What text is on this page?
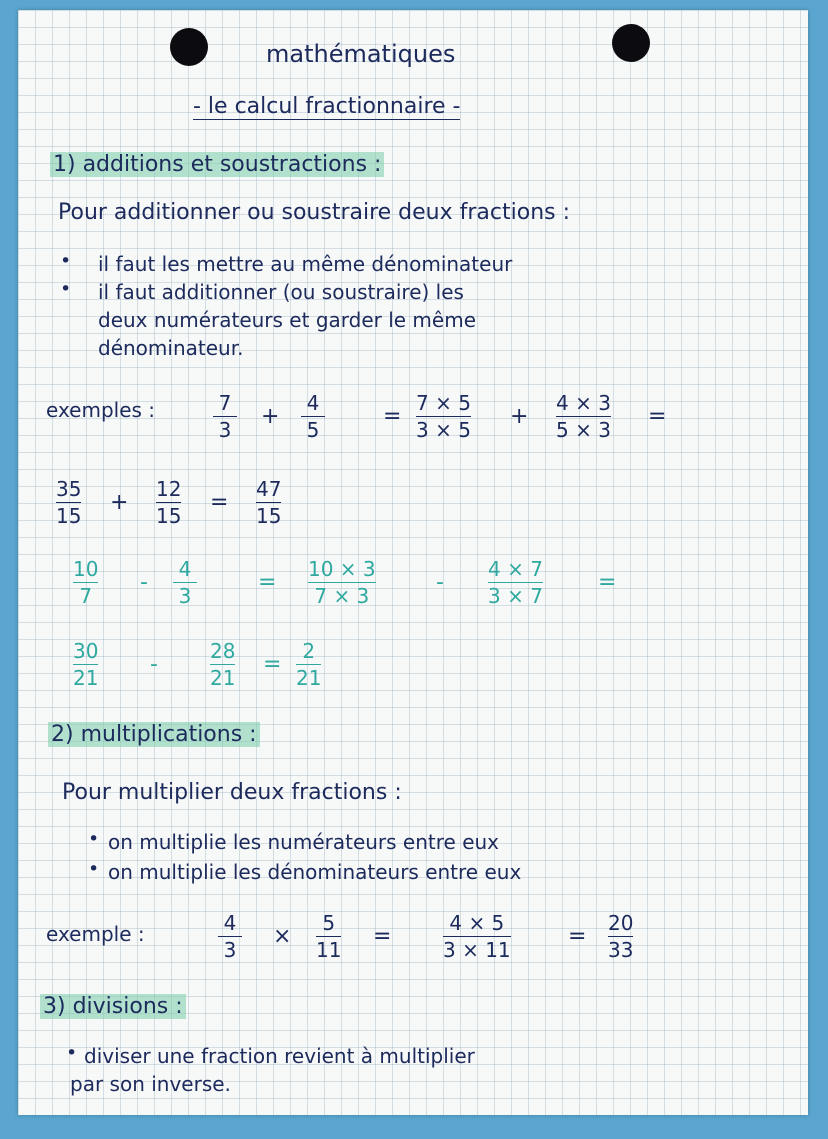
mathématiques
- le calcul fractionnaire -
1) additions et soustractions :
Pour additionner ou soustraire deux fractions :
• il faut les mettre au même dénominateur
• il faut additionner (ou soustraire) les
deux numérateurs et garder le même
dénominateur.
exemples :	7
3
+
4
5
=
7 × 5
3 × 5
+
4 × 3
5 × 3
=
35
15
+
12
15
=
47
15
10
7
-
4
3
=
10 × 3
7 × 3
-
4 × 7
3 × 7
=
30
21
-
28
21
=
2
21
2) multiplications :
Pour multiplier deux fractions :
• on multiplie les numérateurs entre eux
• on multiplie les dénominateurs entre eux
exemple :	4
3
×
5
11
=
4 × 5
3 × 11
=
20
33
3) divisions :
• diviser une fraction revient à multiplier
par son inverse.
